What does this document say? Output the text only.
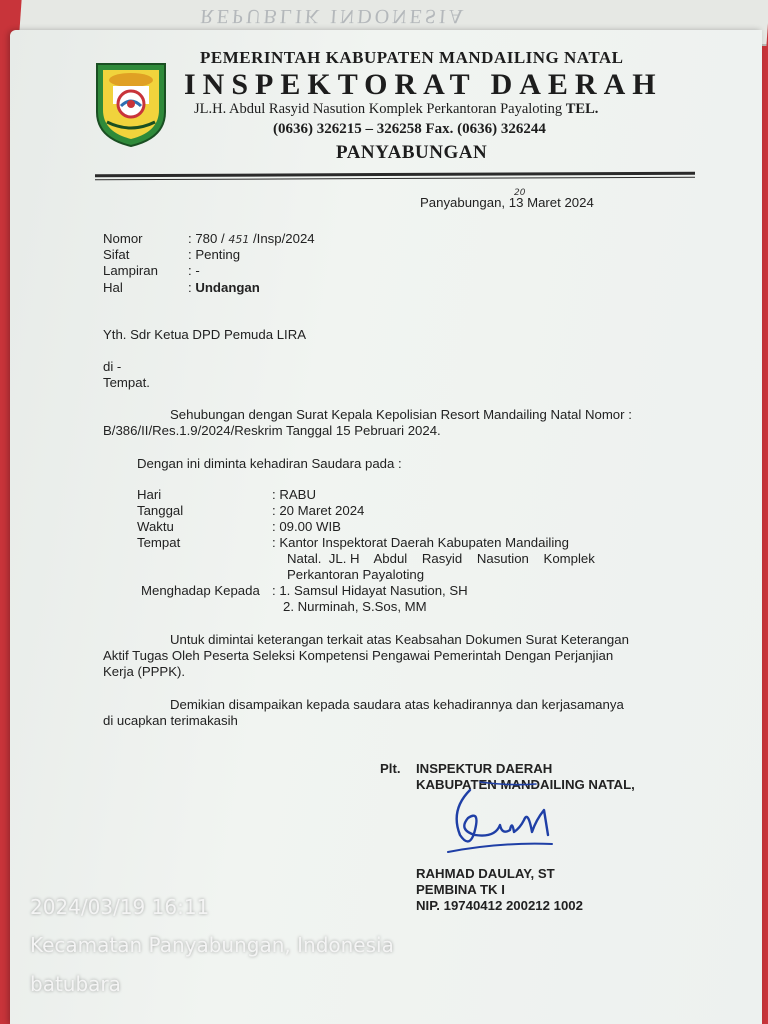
REPUBLIK INDONESIA
PEMERINTAH KABUPATEN MANDAILING NATAL
INSPEKTORAT DAERAH
JL.H. Abdul Rasyid Nasution Komplek Perkantoran Payaloting TEL.
(0636) 326215 – 326258 Fax. (0636) 326244
PANYABUNGAN
Panyabungan, 13 Maret 2024
20
Nomor	: 780 / 451 /Insp/2024
Sifat	: Penting
Lampiran : -
Hal	: Undangan
Yth. Sdr Ketua DPD Pemuda LIRA
di -
Tempat.
Sehubungan dengan Surat Kepala Kepolisian Resort Mandailing Natal Nomor :
B/386/II/Res.1.9/2024/Reskrim Tanggal 15 Pebruari 2024.
Dengan ini diminta kehadiran Saudara pada :
Hari	: RABU
Tanggal	: 20 Maret 2024
Waktu	: 09.00 WIB
Tempat	: Kantor Inspektorat Daerah Kabupaten Mandailing
Natal.  JL. H    Abdul    Rasyid    Nasution    Komplek
Perkantoran Payaloting
Menghadap Kepada : 1. Samsul Hidayat Nasution, SH
2. Nurminah, S.Sos, MM
Untuk dimintai keterangan terkait atas Keabsahan Dokumen Surat Keterangan
Aktif Tugas Oleh Peserta Seleksi Kompetensi Pengawai Pemerintah Dengan Perjanjian
Kerja (PPPK).
Demikian disampaikan kepada saudara atas kehadirannya dan kerjasamanya
di ucapkan terimakasih
Plt. INSPEKTUR DAERAH
KABUPATEN MANDAILING NATAL,
RAHMAD DAULAY, ST
PEMBINA TK I
NIP. 19740412 200212 1002
2024/03/19 16:11
Kecamatan Panyabungan, Indonesia
batubara
